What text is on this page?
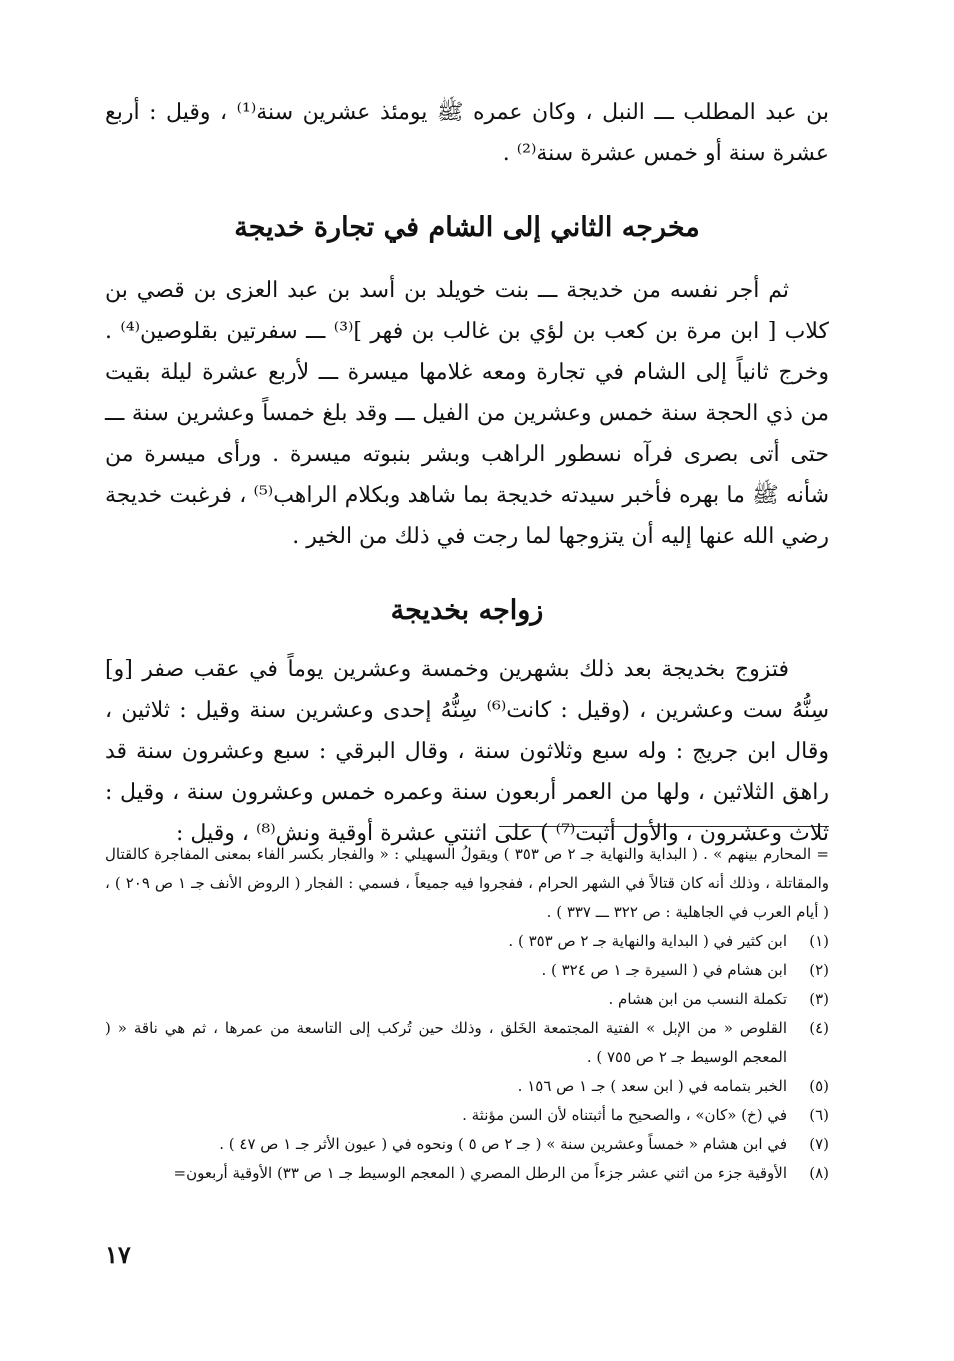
بن عبد المطلب ـــ النبل ، وكان عمره ﷺ يومئذ عشرين سنة⁽¹⁾ ، وقيل : أربع عشرة سنة أو خمس عشرة سنة⁽²⁾ .

مخرجه الثاني إلى الشام في تجارة خديجة

ثم أجر نفسه من خديجة ـــ بنت خويلد بن أسد بن عبد العزى بن قصي بن كلاب [ ابن مرة بن كعب بن لؤي بن غالب بن فهر ]⁽³⁾ ـــ سفرتين بقلوصين⁽⁴⁾ . وخرج ثانياً إلى الشام في تجارة ومعه غلامها ميسرة ـــ لأربع عشرة ليلة بقيت من ذي الحجة سنة خمس وعشرين من الفيل ـــ وقد بلغ خمساً وعشرين سنة ـــ حتى أتى بصرى فرآه نسطور الراهب وبشر بنبوته ميسرة . ورأى ميسرة من شأنه ﷺ ما بهره فأخبر سيدته خديجة بما شاهد وبكلام الراهب⁽⁵⁾ ، فرغبت خديجة رضي الله عنها إليه أن يتزوجها لما رجت في ذلك من الخير .

زواجه بخديجة

فتزوج بخديجة بعد ذلك بشهرين وخمسة وعشرين يوماً في عقب صفر [و] سِنُّهُ ست وعشرين ، (وقيل : كانت⁽⁶⁾ سِنُّهُ إحدى وعشرين سنة وقيل : ثلاثين ، وقال ابن جريج : وله سبع وثلاثون سنة ، وقال البرقي : سبع وعشرون سنة قد راهق الثلاثين ، ولها من العمر أربعون سنة وعمره خمس وعشرون سنة ، وقيل : ثلاث وعشرون ، والأول أثبت⁽⁷⁾ ) على اثنتي عشرة أوقية ونش⁽⁸⁾ ، وقيل :

= المحارم بينهم » . ( البداية والنهاية جـ ٢ ص ٣٥٣ ) ويقولُ السهيلي : « والفجار بكسر الفاء بمعنى المفاجرة كالقتال والمقاتلة ، وذلك أنه كان قتالاً في الشهر الحرام ، ففجروا فيه جميعاً ، فسمي : الفجار ( الروض الأنف جـ ١ ص ٢٠٩ ) ، ( أيام العرب في الجاهلية : ص ٣٢٢ ـــ ٣٣٧ ) .
(١)
ابن كثير في ( البداية والنهاية جـ ٢ ص ٣٥٣ ) .
(٢)
ابن هشام في ( السيرة جـ ١ ص ٣٢٤ ) .
(٣)
تكملة النسب من ابن هشام .
(٤)
القلوص « من الإبل » الفتية المجتمعة الخَلق ، وذلك حين تُركب إلى التاسعة من عمرها ، ثم هي ناقة « ( المعجم الوسيط جـ ٢ ص ٧٥٥ ) .
(٥)
الخبر بتمامه في ( ابن سعد ) جـ ١ ص ١٥٦ .
(٦)
في (خ) «كان» ، والصحيح ما أثبتناه لأن السن مؤنثة .
(٧)
في ابن هشام « خمساً وعشرين سنة » ( جـ ٢ ص ٥ ) ونحوه في ( عيون الأثر جـ ١ ص ٤٧ ) .
(٨)
الأوقية جزء من اثني عشر جزءاً من الرطل المصري ( المعجم الوسيط جـ ١ ص ٣٣) الأوقية أربعون=
١٧
